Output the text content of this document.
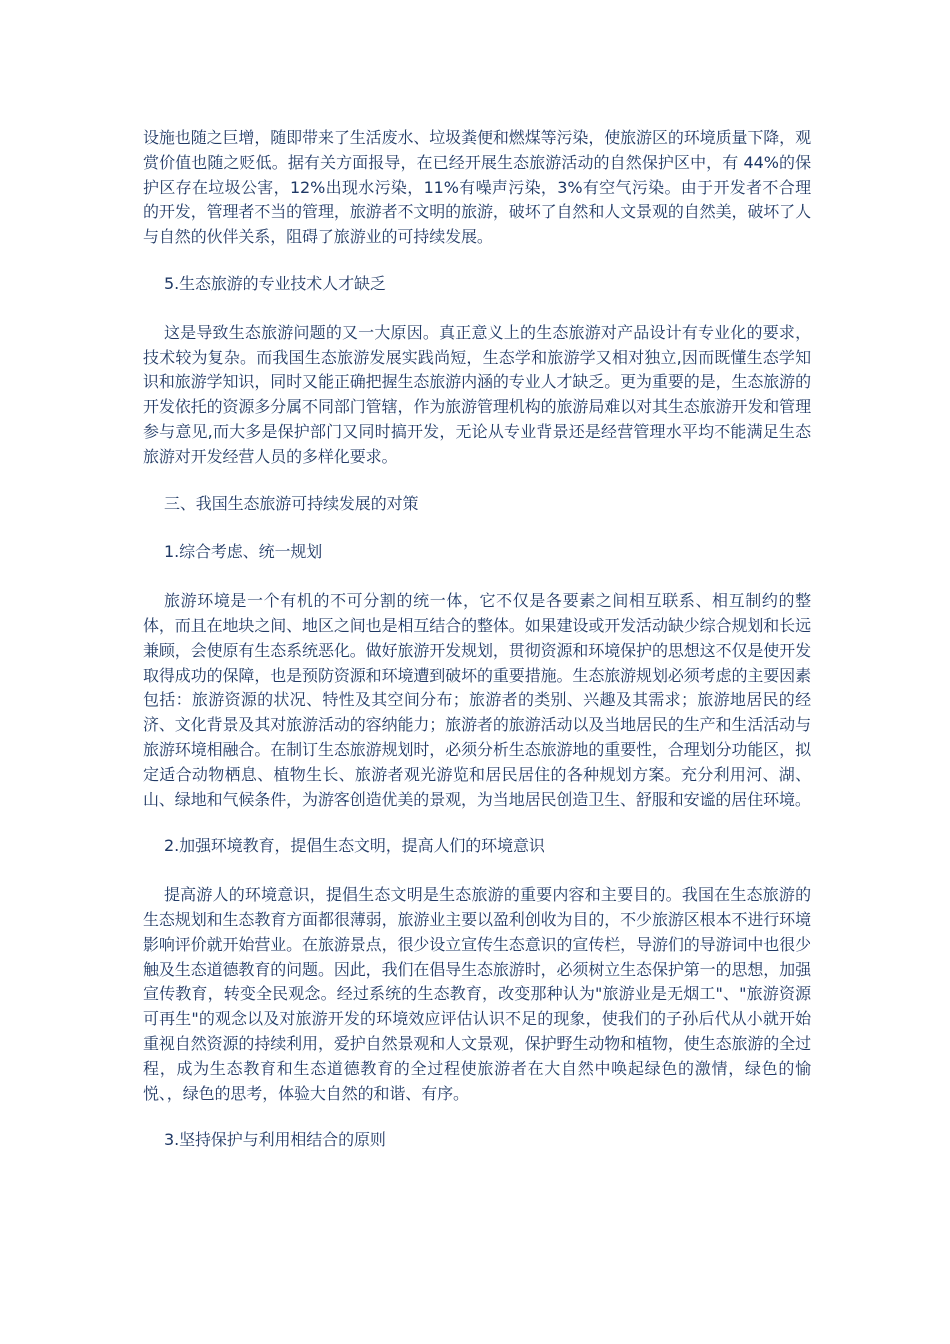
设施也随之巨增，随即带来了生活废水、垃圾粪便和燃煤等污染，使旅游区的环境质量下降，观赏价值也随之贬低。据有关方面报导，在已经开展生态旅游活动的自然保护区中，有 44%的保护区存在垃圾公害，12%出现水污染，11%有噪声污染，3%有空气污染。由于开发者不合理的开发，管理者不当的管理，旅游者不文明的旅游，破坏了自然和人文景观的自然美，破坏了人与自然的伙伴关系，阻碍了旅游业的可持续发展。

5.生态旅游的专业技术人才缺乏

这是导致生态旅游问题的又一大原因。真正意义上的生态旅游对产品设计有专业化的要求，技术较为复杂。而我国生态旅游发展实践尚短，生态学和旅游学又相对独立,因而既懂生态学知识和旅游学知识，同时又能正确把握生态旅游内涵的专业人才缺乏。更为重要的是，生态旅游的开发依托的资源多分属不同部门管辖，作为旅游管理机构的旅游局难以对其生态旅游开发和管理参与意见,而大多是保护部门又同时搞开发，无论从专业背景还是经营管理水平均不能满足生态旅游对开发经营人员的多样化要求。

三、我国生态旅游可持续发展的对策

1.综合考虑、统一规划

旅游环境是一个有机的不可分割的统一体，它不仅是各要素之间相互联系、相互制约的整体，而且在地块之间、地区之间也是相互结合的整体。如果建设或开发活动缺少综合规划和长远兼顾，会使原有生态系统恶化。做好旅游开发规划，贯彻资源和环境保护的思想这不仅是使开发取得成功的保障，也是预防资源和环境遭到破坏的重要措施。生态旅游规划必须考虑的主要因素包括：旅游资源的状况、特性及其空间分布；旅游者的类别、兴趣及其需求；旅游地居民的经济、文化背景及其对旅游活动的容纳能力；旅游者的旅游活动以及当地居民的生产和生活活动与旅游环境相融合。在制订生态旅游规划时，必须分析生态旅游地的重要性，合理划分功能区，拟定适合动物栖息、植物生长、旅游者观光游览和居民居住的各种规划方案。充分利用河、湖、山、绿地和气候条件，为游客创造优美的景观，为当地居民创造卫生、舒服和安谧的居住环境。

2.加强环境教育，提倡生态文明，提高人们的环境意识

提高游人的环境意识，提倡生态文明是生态旅游的重要内容和主要目的。我国在生态旅游的生态规划和生态教育方面都很薄弱，旅游业主要以盈利创收为目的，不少旅游区根本不进行环境影响评价就开始营业。在旅游景点，很少设立宣传生态意识的宣传栏，导游们的导游词中也很少触及生态道德教育的问题。因此，我们在倡导生态旅游时，必须树立生态保护第一的思想，加强宣传教育，转变全民观念。经过系统的生态教育，改变那种认为"旅游业是无烟工"、"旅游资源可再生"的观念以及对旅游开发的环境效应评估认识不足的现象，使我们的子孙后代从小就开始重视自然资源的持续利用，爱护自然景观和人文景观，保护野生动物和植物，使生态旅游的全过程，成为生态教育和生态道德教育的全过程使旅游者在大自然中唤起绿色的激情，绿色的愉悦、，绿色的思考，体验大自然的和谐、有序。

3.坚持保护与利用相结合的原则
